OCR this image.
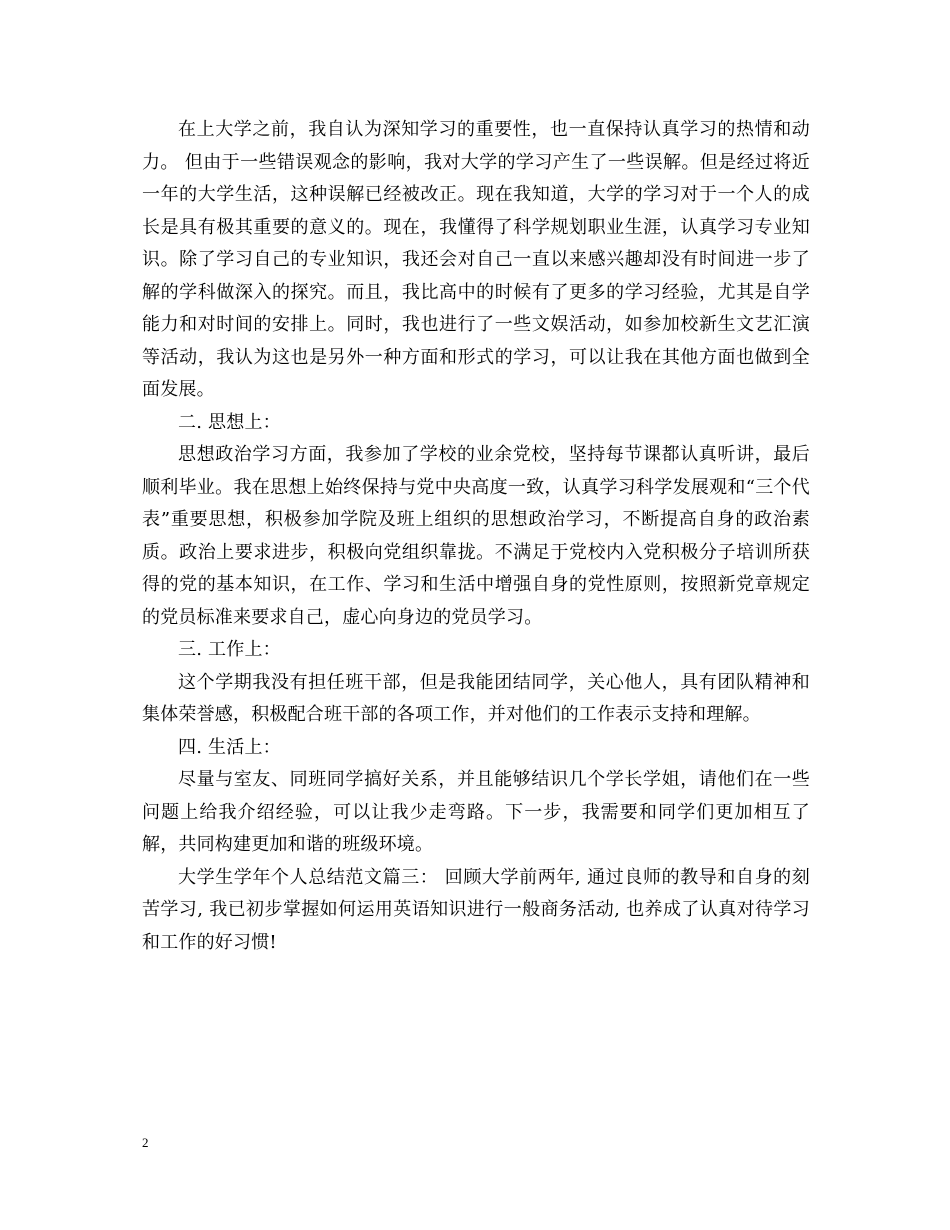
在上大学之前，我自认为深知学习的重要性，也一直保持认真学习的热情和动力。 但由于一些错误观念的影响，我对大学的学习产生了一些误解。但是经过将近一年的大学生活，这种误解已经被改正。现在我知道，大学的学习对于一个人的成长是具有极其重要的意义的。现在，我懂得了科学规划职业生涯，认真学习专业知识。除了学习自己的专业知识，我还会对自己一直以来感兴趣却没有时间进一步了解的学科做深入的探究。而且，我比高中的时候有了更多的学习经验，尤其是自学能力和对时间的安排上。同时，我也进行了一些文娱活动，如参加校新生文艺汇演等活动，我认为这也是另外一种方面和形式的学习，可以让我在其他方面也做到全面发展。

二. 思想上：

思想政治学习方面，我参加了学校的业余党校，坚持每节课都认真听讲，最后顺利毕业。我在思想上始终保持与党中央高度一致，认真学习科学发展观和“三个代表”重要思想，积极参加学院及班上组织的思想政治学习，不断提高自身的政治素质。政治上要求进步，积极向党组织靠拢。不满足于党校内入党积极分子培训所获得的党的基本知识，在工作、学习和生活中增强自身的党性原则，按照新党章规定的党员标准来要求自己，虚心向身边的党员学习。

三. 工作上：

这个学期我没有担任班干部，但是我能团结同学，关心他人，具有团队精神和集体荣誉感，积极配合班干部的各项工作，并对他们的工作表示支持和理解。

四. 生活上：

尽量与室友、同班同学搞好关系，并且能够结识几个学长学姐，请他们在一些问题上给我介绍经验，可以让我少走弯路。下一步，我需要和同学们更加相互了解，共同构建更加和谐的班级环境。

大学生学年个人总结范文篇三： 回顾大学前两年, 通过良师的教导和自身的刻苦学习, 我已初步掌握如何运用英语知识进行一般商务活动, 也养成了认真对待学习和工作的好习惯!

2
